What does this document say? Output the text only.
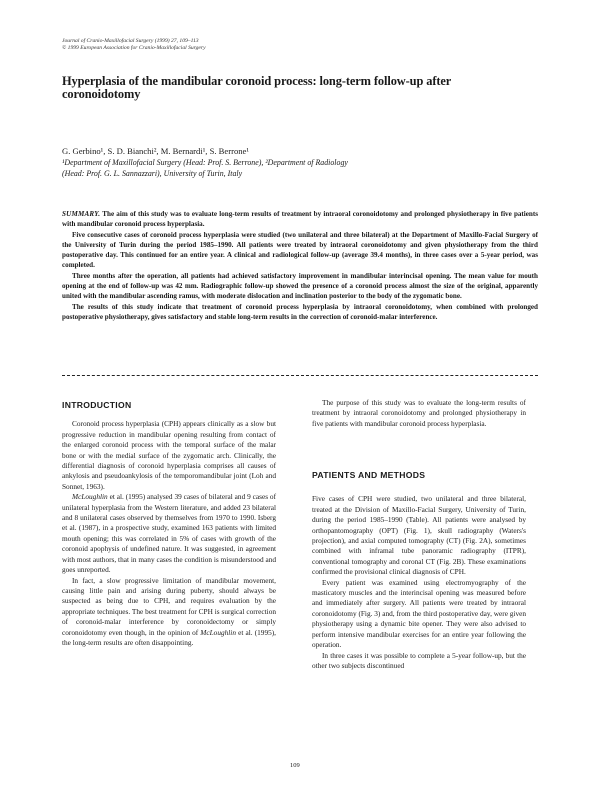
Journal of Cranio-Maxillofacial Surgery (1999) 27, 109–113
© 1999 European Association for Cranio-Maxillofacial Surgery
Hyperplasia of the mandibular coronoid process: long-term follow-up after coronoidotomy
G. Gerbino¹, S. D. Bianchi², M. Bernardi¹, S. Berrone¹
¹Department of Maxillofacial Surgery (Head: Prof. S. Berrone), ²Department of Radiology
(Head: Prof. G. L. Sannazzari), University of Turin, Italy

SUMMARY. The aim of this study was to evaluate long-term results of treatment by intraoral coronoidotomy and prolonged physiotherapy in five patients with mandibular coronoid process hyperplasia.

Five consecutive cases of coronoid process hyperplasia were studied (two unilateral and three bilateral) at the Department of Maxillo-Facial Surgery of the University of Turin during the period 1985–1990. All patients were treated by intraoral coronoidotomy and given physiotherapy from the third postoperative day. This continued for an entire year. A clinical and radiological follow-up (average 39.4 months), in three cases over a 5-year period, was completed.

Three months after the operation, all patients had achieved satisfactory improvement in mandibular interincisal opening. The mean value for mouth opening at the end of follow-up was 42 mm. Radiographic follow-up showed the presence of a coronoid process almost the size of the original, apparently united with the mandibular ascending ramus, with moderate dislocation and inclination posterior to the body of the zygomatic bone.

The results of this study indicate that treatment of coronoid process hyperplasia by intraoral coronoidotomy, when combined with prolonged postoperative physiotherapy, gives satisfactory and stable long-term results in the correction of coronoid-malar interference.

INTRODUCTION

Coronoid process hyperplasia (CPH) appears clinically as a slow but progressive reduction in mandibular opening resulting from contact of the enlarged coronoid process with the temporal surface of the malar bone or with the medial surface of the zygomatic arch. Clinically, the differential diagnosis of coronoid hyperplasia comprises all causes of ankylosis and pseudoankylosis of the temporomandibular joint (Loh and Sonnet, 1963).

McLoughlin et al. (1995) analysed 39 cases of bilateral and 9 cases of unilateral hyperplasia from the Western literature, and added 23 bilateral and 8 unilateral cases observed by themselves from 1970 to 1990. Isberg et al. (1987), in a prospective study, examined 163 patients with limited mouth opening; this was correlated in 5% of cases with growth of the coronoid apophysis of undefined nature. It was suggested, in agreement with most authors, that in many cases the condition is misunderstood and goes unreported.

In fact, a slow progressive limitation of mandibular movement, causing little pain and arising during puberty, should always be suspected as being due to CPH, and requires evaluation by the appropriate techniques. The best treatment for CPH is surgical correction of coronoid-malar interference by coronoidectomy or simply coronoidotomy even though, in the opinion of McLoughlin et al. (1995), the long-term results are often disappointing.

The purpose of this study was to evaluate the long-term results of treatment by intraoral coronoidotomy and prolonged physiotherapy in five patients with mandibular coronoid process hyperplasia.

PATIENTS AND METHODS

Five cases of CPH were studied, two unilateral and three bilateral, treated at the Division of Maxillo-Facial Surgery, University of Turin, during the period 1985–1990 (Table). All patients were analysed by orthopantomography (OPT) (Fig. 1), skull radiography (Waters's projection), and axial computed tomography (CT) (Fig. 2A), sometimes combined with inframal tube panoramic radiography (ITPR), conventional tomography and coronal CT (Fig. 2B). These examinations confirmed the provisional clinical diagnosis of CPH.

Every patient was examined using electromyography of the masticatory muscles and the interincisal opening was measured before and immediately after surgery. All patients were treated by intraoral coronoidotomy (Fig. 3) and, from the third postoperative day, were given physiotherapy using a dynamic bite opener. They were also advised to perform intensive mandibular exercises for an entire year following the operation.

In three cases it was possible to complete a 5-year follow-up, but the other two subjects discontinued

109
